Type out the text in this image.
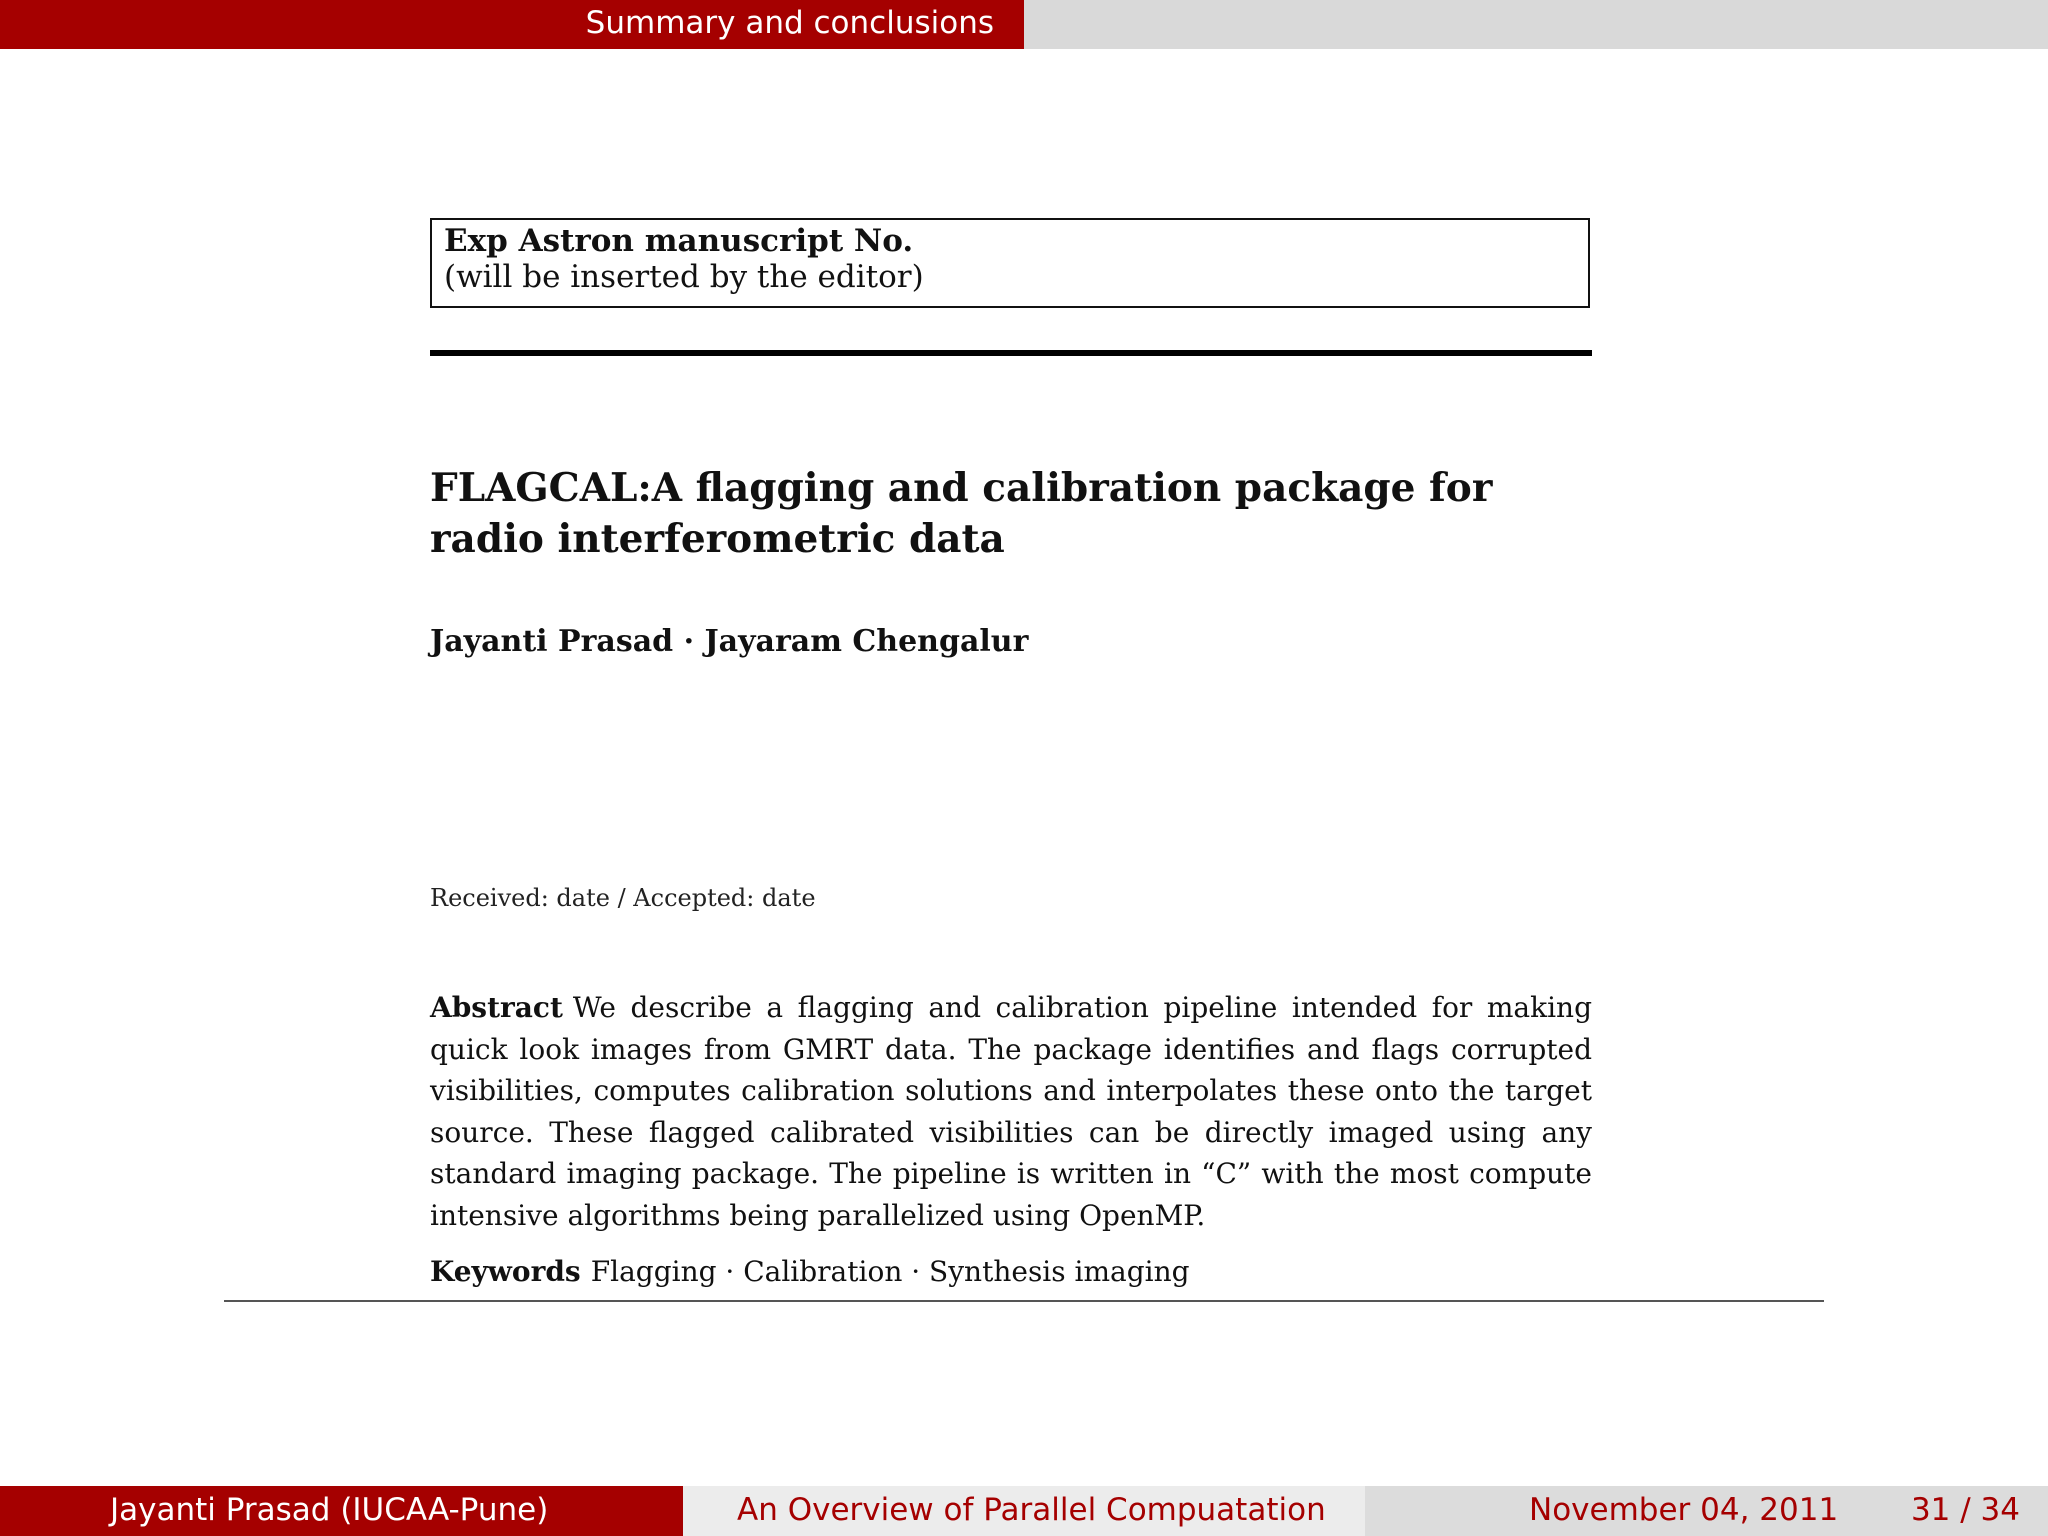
Summary and conclusions
Exp Astron manuscript No.
(will be inserted by the editor)
FLAGCAL:A flagging and calibration package for radio interferometric data
Jayanti Prasad · Jayaram Chengalur
Received: date / Accepted: date

Abstract We describe a flagging and calibration pipeline intended for making quick look images from GMRT data. The package identifies and flags corrupted visibilities, computes calibration solutions and interpolates these onto the target source. These flagged calibrated visibilities can be directly imaged using any standard imaging package. The pipeline is written in “C” with the most compute intensive algorithms being parallelized using OpenMP.

Keywords Flagging · Calibration · Synthesis imaging
Jayanti Prasad (IUCAA-Pune)	An Overview of Parallel Compuatation	November 04, 2011 31 / 34
